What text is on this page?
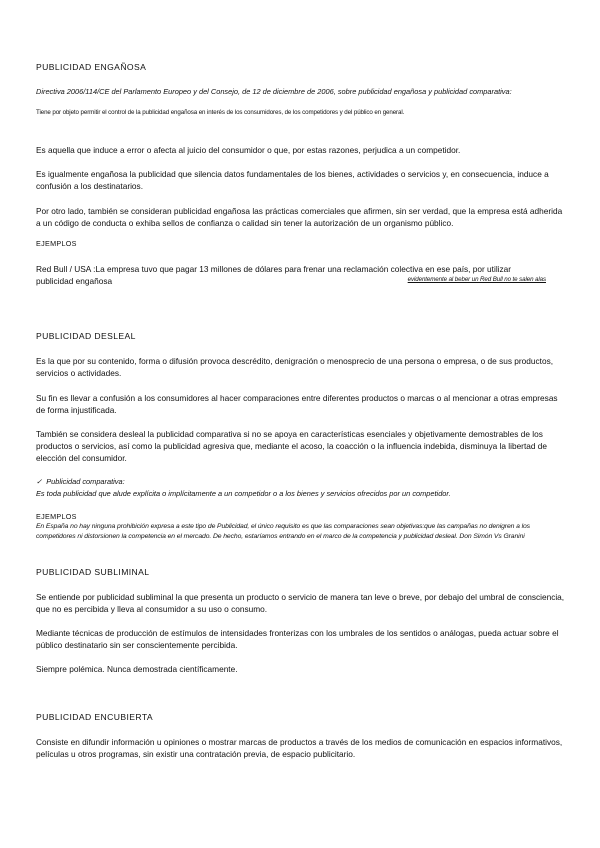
PUBLICIDAD ENGAÑOSA
Directiva 2006/114/CE del Parlamento Europeo y del Consejo, de 12 de diciembre de 2006, sobre publicidad engañosa y publicidad comparativa:
Tiene por objeto permitir el control de la publicidad engañosa en interés de los consumidores, de los competidores y del público en general.
Es aquella que induce a error o afecta al juicio del consumidor o que, por estas razones, perjudica a un competidor.
Es igualmente engañosa la publicidad que silencia datos fundamentales de los bienes, actividades o servicios y, en consecuencia, induce a confusión a los destinatarios.
Por otro lado, también se consideran publicidad engañosa las prácticas comerciales que afirmen, sin ser verdad, que la empresa está adherida a un código de conducta o exhiba sellos de confianza o calidad sin tener la autorización de un organismo público.
EJEMPLOS
Red Bull / USA :La empresa tuvo que pagar 13 millones de dólares para frenar una reclamación colectiva en ese país, por utilizar
publicidad engañosa	evidentemente al beber un Red Bull no te salen alas
PUBLICIDAD DESLEAL
Es la que por su contenido, forma o difusión provoca descrédito, denigración o menosprecio de una persona o empresa, o de sus productos, servicios o actividades.
Su fin es llevar a confusión a los consumidores al hacer comparaciones entre diferentes productos o marcas o al mencionar a otras empresas de forma injustificada.
También se considera desleal la publicidad comparativa si no se apoya en características esenciales y objetivamente demostrables de los productos o servicios, así como la publicidad agresiva que, mediante el acoso, la coacción o la influencia indebida, disminuya la libertad de elección del consumidor.
✓ Publicidad comparativa:
Es toda publicidad que alude explícita o implícitamente a un competidor o a los bienes y servicios ofrecidos por un competidor.
EJEMPLOS
En España no hay ninguna prohibición expresa a este tipo de Publicidad, el único requisito es que las comparaciones sean objetivas:que las campañas no denigren a los competidores ni distorsionen la competencia en el mercado. De hecho, estaríamos entrando en el marco de la competencia y publicidad desleal. Don Simón Vs Granini
PUBLICIDAD SUBLIMINAL
Se entiende por publicidad subliminal la que presenta un producto o servicio de manera tan leve o breve, por debajo del umbral de consciencia, que no es percibida y lleva al consumidor a su uso o consumo.
Mediante técnicas de producción de estímulos de intensidades fronterizas con los umbrales de los sentidos o análogas, pueda actuar sobre el público destinatario sin ser conscientemente percibida.
Siempre polémica. Nunca demostrada científicamente.
PUBLICIDAD ENCUBIERTA
Consiste en difundir información u opiniones o mostrar marcas de productos a través de los medios de comunicación en espacios informativos, películas u otros programas, sin existir una contratación previa, de espacio publicitario.
